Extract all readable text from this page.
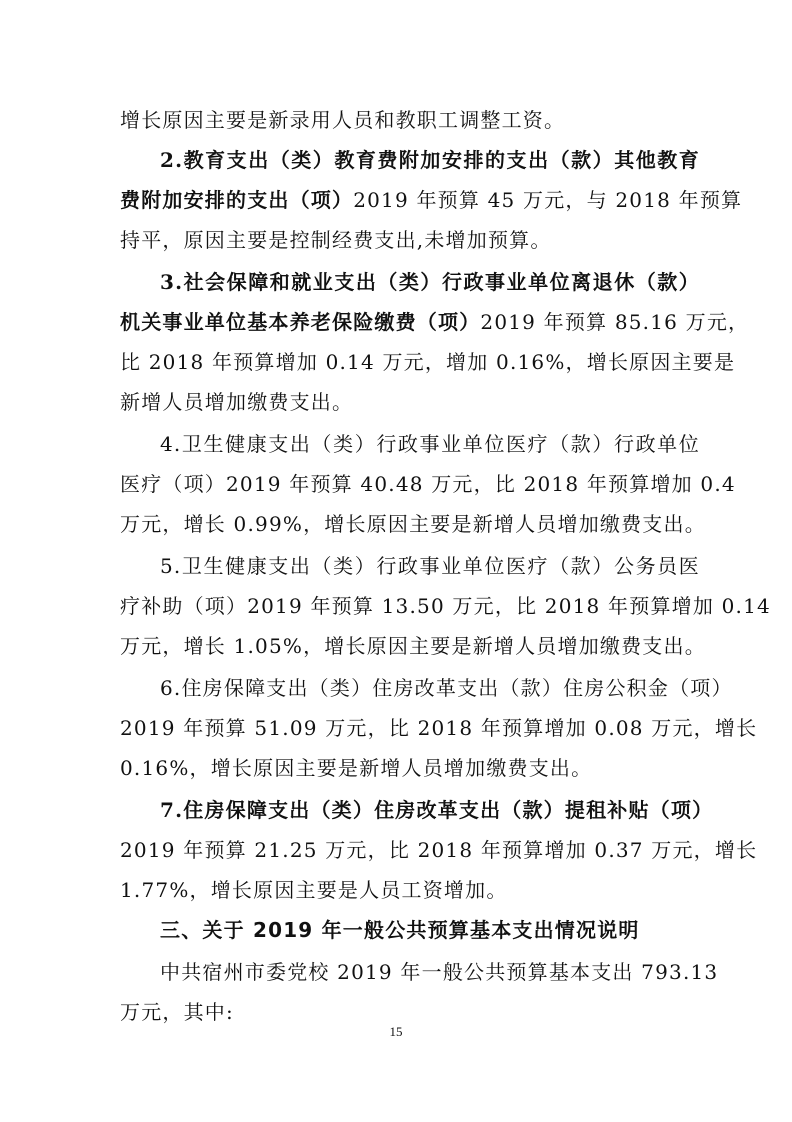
增长原因主要是新录用人员和教职工调整工资。
2.教育支出（类）教育费附加安排的支出（款）其他教育
费附加安排的支出（项）2019 年预算 45 万元，与 2018 年预算
持平，原因主要是控制经费支出,未增加预算。
3.社会保障和就业支出（类）行政事业单位离退休（款）
机关事业单位基本养老保险缴费（项）2019 年预算 85.16 万元，
比 2018 年预算增加 0.14 万元，增加 0.16%，增长原因主要是
新增人员增加缴费支出。
4.卫生健康支出（类）行政事业单位医疗（款）行政单位
医疗（项）2019 年预算 40.48 万元，比 2018 年预算增加 0.4
万元，增长 0.99%，增长原因主要是新增人员增加缴费支出。
5.卫生健康支出（类）行政事业单位医疗（款）公务员医
疗补助（项）2019 年预算 13.50 万元，比 2018 年预算增加 0.14
万元，增长 1.05%，增长原因主要是新增人员增加缴费支出。
6.住房保障支出（类）住房改革支出（款）住房公积金（项）
2019 年预算 51.09 万元，比 2018 年预算增加 0.08 万元，增长
0.16%，增长原因主要是新增人员增加缴费支出。
7.住房保障支出（类）住房改革支出（款）提租补贴（项）
2019 年预算 21.25 万元，比 2018 年预算增加 0.37 万元，增长
1.77%，增长原因主要是人员工资增加。
三、关于 2019 年一般公共预算基本支出情况说明
中共宿州市委党校 2019 年一般公共预算基本支出 793.13
万元，其中:
15
